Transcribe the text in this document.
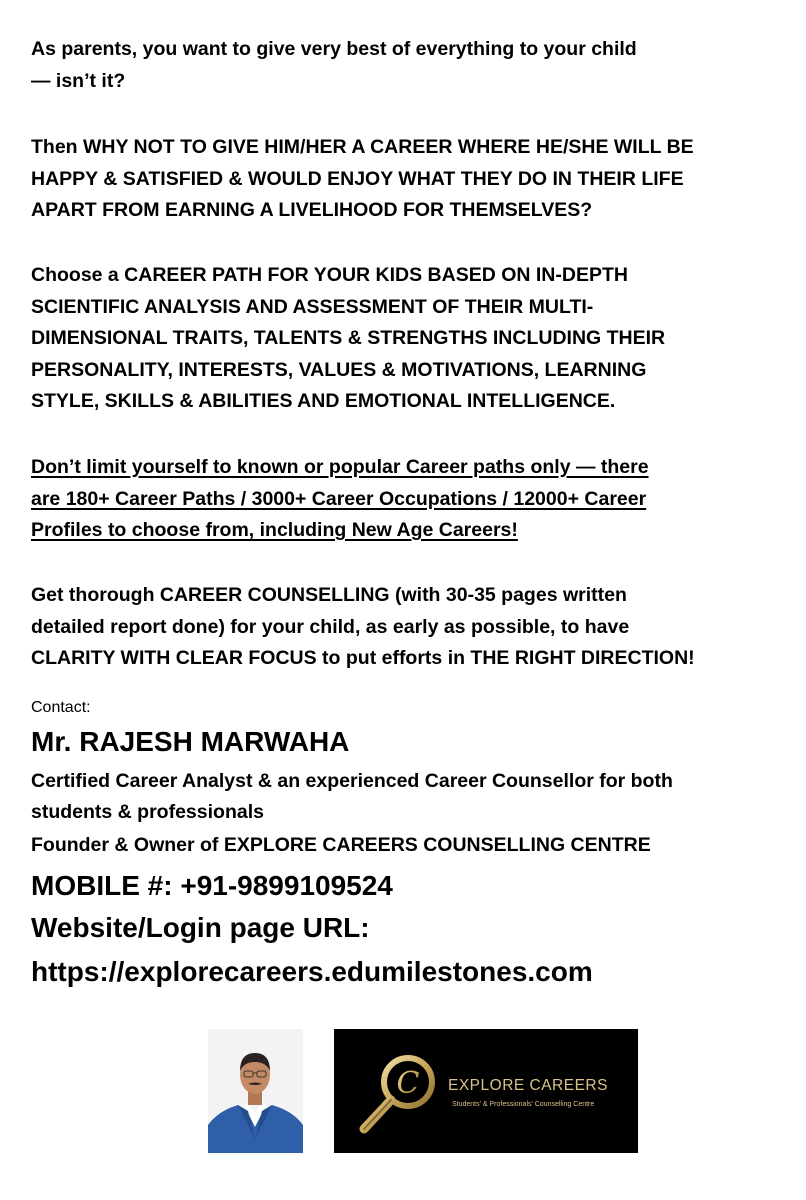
As parents, you want to give very best of everything to your child
— isn’t it?

Then WHY NOT TO GIVE HIM/HER A CAREER WHERE HE/SHE WILL BE
HAPPY & SATISFIED & WOULD ENJOY WHAT THEY DO IN THEIR LIFE
APART FROM EARNING A LIVELIHOOD FOR THEMSELVES?

Choose a CAREER PATH FOR YOUR KIDS BASED ON IN-DEPTH
SCIENTIFIC ANALYSIS AND ASSESSMENT OF THEIR MULTI-
DIMENSIONAL TRAITS, TALENTS & STRENGTHS INCLUDING THEIR
PERSONALITY, INTERESTS, VALUES & MOTIVATIONS, LEARNING
STYLE, SKILLS & ABILITIES AND EMOTIONAL INTELLIGENCE.

Don’t limit yourself to known or popular Career paths only — there
are 180+ Career Paths / 3000+ Career Occupations / 12000+ Career
Profiles to choose from, including New Age Careers!

Get thorough CAREER COUNSELLING (with 30-35 pages written
detailed report done) for your child, as early as possible, to have
CLARITY WITH CLEAR FOCUS to put efforts in THE RIGHT DIRECTION!

Contact:

Mr. RAJESH MARWAHA

Certified Career Analyst & an experienced Career Counsellor for both
students & professionals

Founder & Owner of EXPLORE CAREERS COUNSELLING CENTRE

MOBILE #: +91-9899109524

Website/Login page URL:

https://explorecareers.edumilestones.com

C EXPLORE CAREERS

Students’ & Professionals’ Counselling Centre
